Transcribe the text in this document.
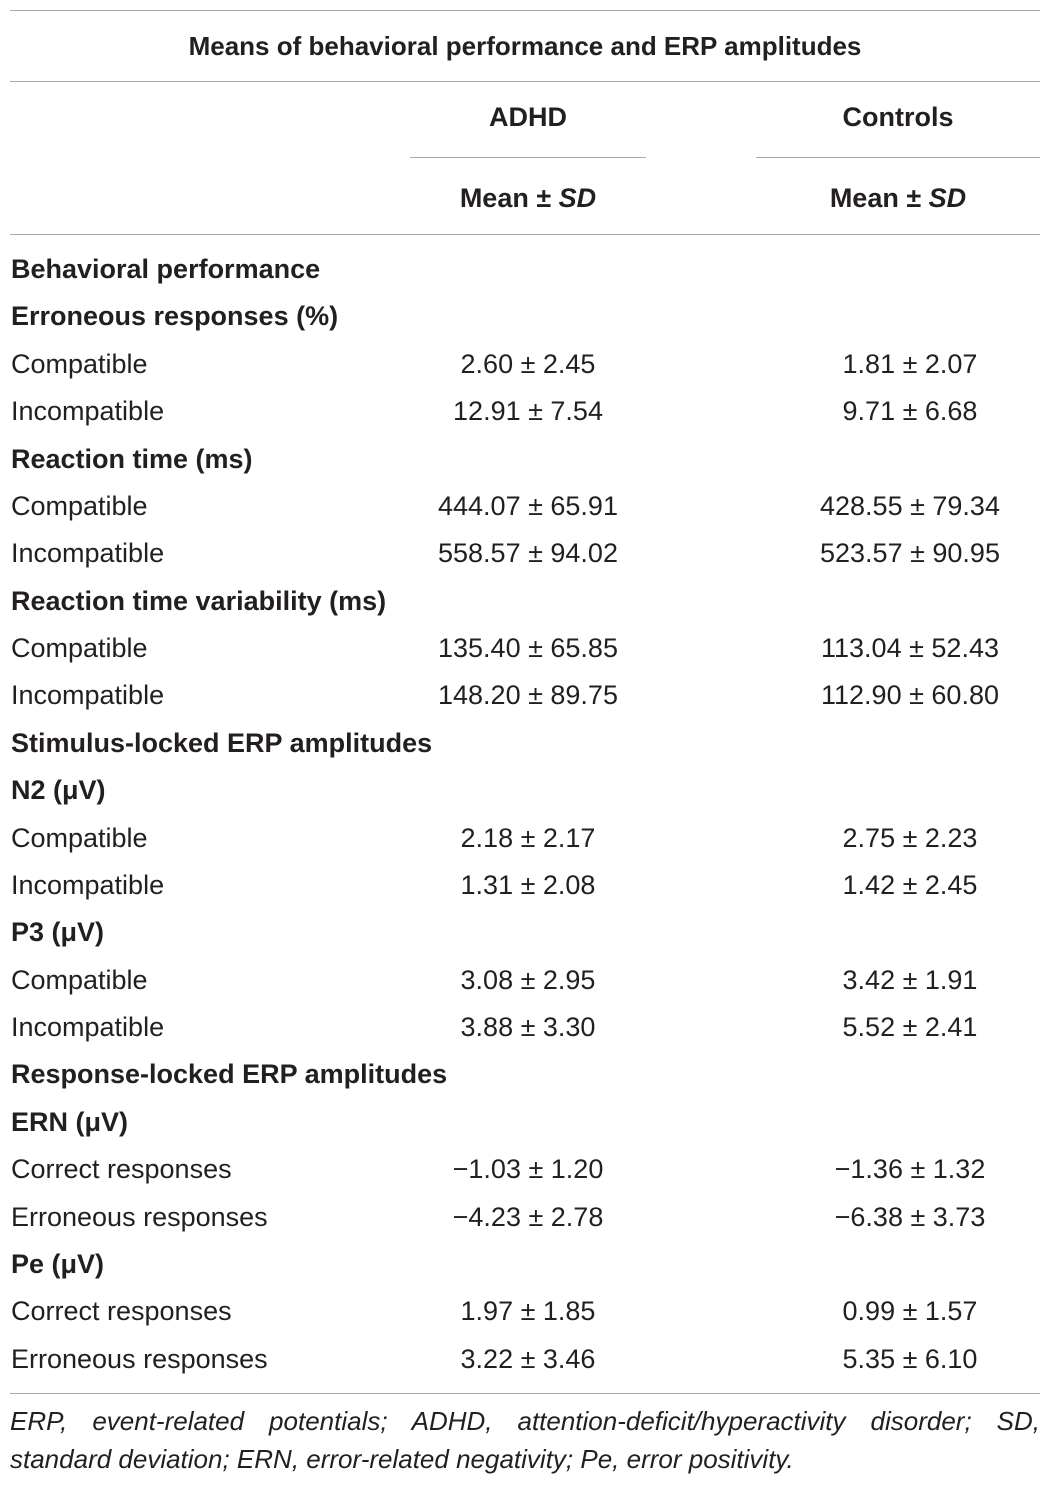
Means of behavioral performance and ERP amplitudes
ADHD	Controls
Mean ± SD	Mean ± SD
Behavioral performance
Erroneous responses (%)
Compatible	2.60 ± 2.45	1.81 ± 2.07
Incompatible	12.91 ± 7.54	9.71 ± 6.68
Reaction time (ms)
Compatible	444.07 ± 65.91	428.55 ± 79.34
Incompatible	558.57 ± 94.02	523.57 ± 90.95
Reaction time variability (ms)
Compatible	135.40 ± 65.85	113.04 ± 52.43
Incompatible	148.20 ± 89.75	112.90 ± 60.80
Stimulus-locked ERP amplitudes
N2 (μV)
Compatible	2.18 ± 2.17	2.75 ± 2.23
Incompatible	1.31 ± 2.08	1.42 ± 2.45
P3 (μV)
Compatible	3.08 ± 2.95	3.42 ± 1.91
Incompatible	3.88 ± 3.30	5.52 ± 2.41
Response-locked ERP amplitudes
ERN (μV)
Correct responses	−1.03 ± 1.20	−1.36 ± 1.32
Erroneous responses	−4.23 ± 2.78	−6.38 ± 3.73
Pe (μV)
Correct responses	1.97 ± 1.85	0.99 ± 1.57
Erroneous responses	3.22 ± 3.46	5.35 ± 6.10
ERP, event-related potentials; ADHD, attention-deficit/hyperactivity disorder; SD, standard deviation; ERN, error-related negativity; Pe, error positivity.
